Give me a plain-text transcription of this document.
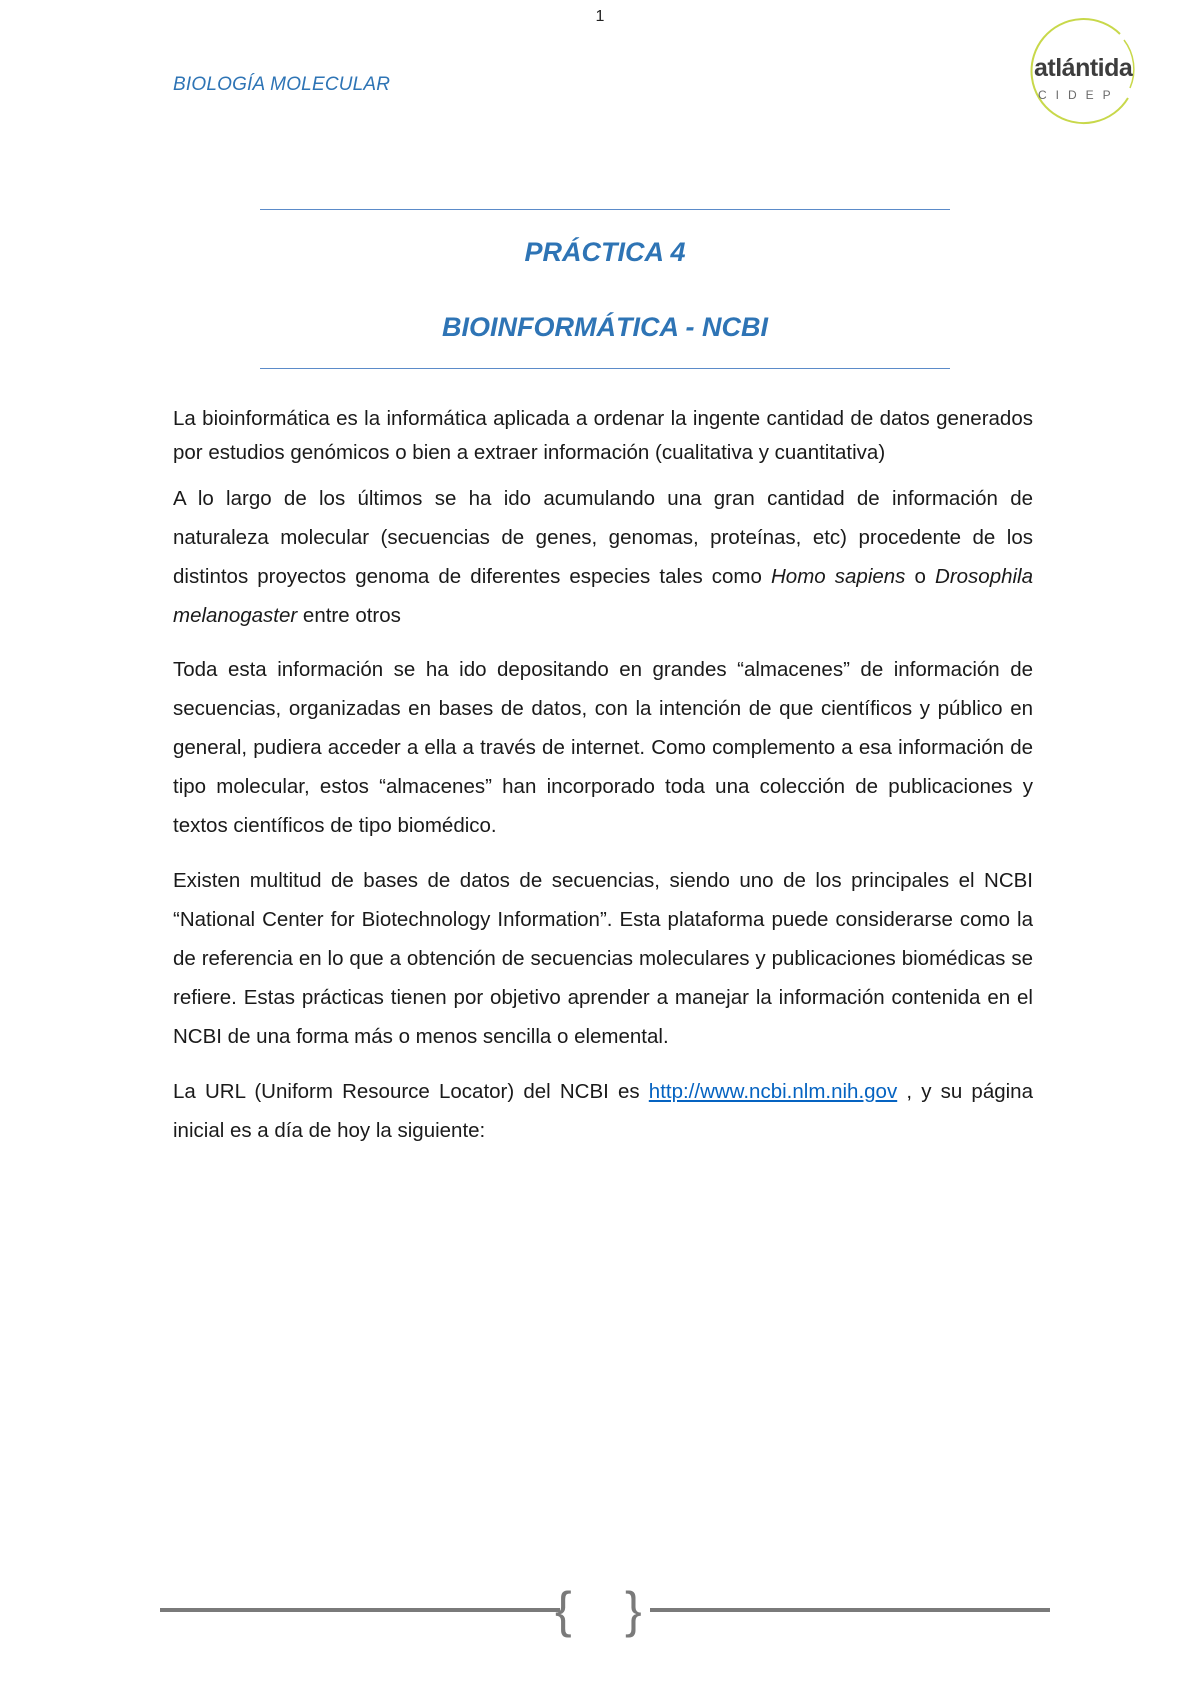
1
BIOLOGÍA MOLECULAR
atlántida
CIDEP
PRÁCTICA 4
BIOINFORMÁTICA - NCBI

La bioinformática es la informática aplicada a ordenar la ingente cantidad de datos generados por estudios genómicos o bien a extraer información (cualitativa y cuantitativa)

A lo largo de los últimos se ha ido acumulando una gran cantidad de información de naturaleza molecular (secuencias de genes, genomas, proteínas, etc) procedente de los distintos proyectos genoma de diferentes especies tales como Homo sapiens o Drosophila melanogaster entre otros

Toda esta información se ha ido depositando en grandes “almacenes” de información de secuencias, organizadas en bases de datos, con la intención de que científicos y público en general, pudiera acceder a ella a través de internet. Como complemento a esa información de tipo molecular, estos “almacenes” han incorporado toda una colección de publicaciones y textos científicos de tipo biomédico.

Existen multitud de bases de datos de secuencias, siendo uno de los principales el NCBI “National Center for Biotechnology Information”. Esta plataforma puede considerarse como la de referencia en lo que a obtención de secuencias moleculares y publicaciones biomédicas se refiere. Estas prácticas tienen por objetivo aprender a manejar la información contenida en el NCBI de una forma más o menos sencilla o elemental.

La URL (Uniform Resource Locator) del NCBI es http://www.ncbi.nlm.nih.gov , y su página inicial es a día de hoy la siguiente:

{ }
